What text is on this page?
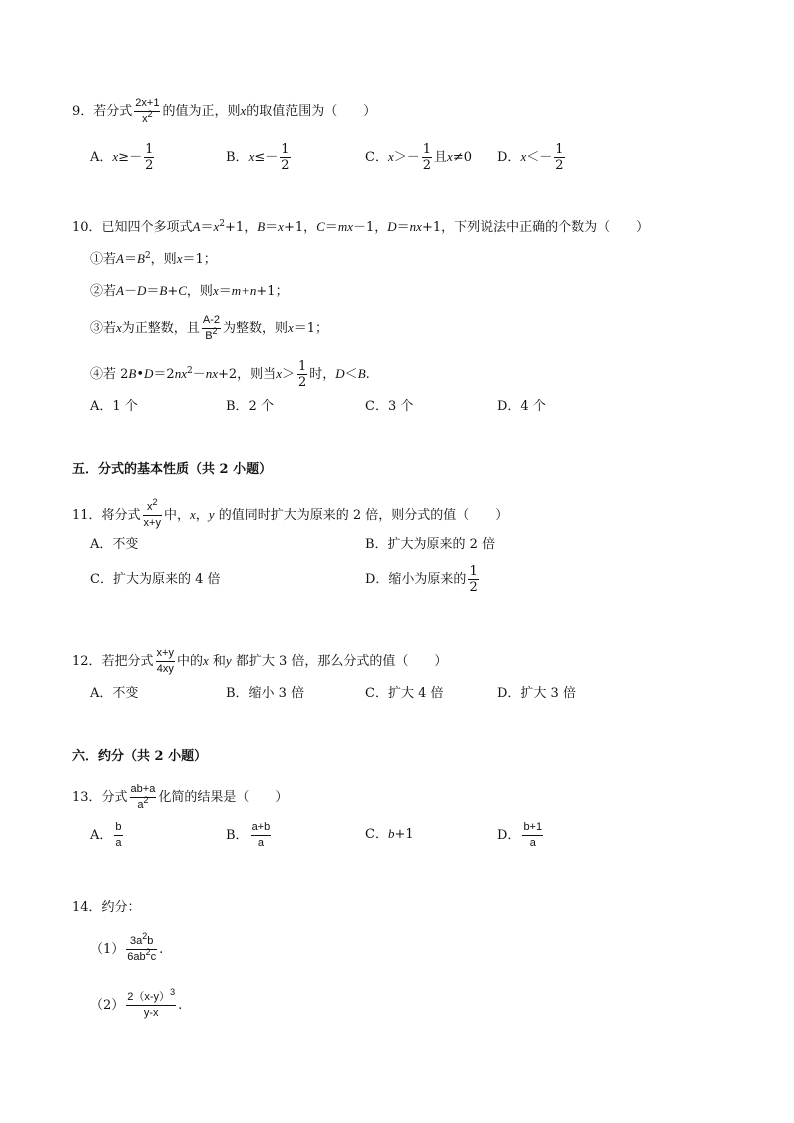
9．若分式 $\frac{2x+1}{x^2}$ 的值为正，则x的取值范围为（　　）
A．$x\ge- \frac{1}{2}$	B．$x\le- \frac{1}{2}$	C．$x>- \frac{1}{2}$ 且x≠0 D．$x<- \frac{1}{2}$
10．已知四个多项式$A=x^2+1$，B＝x+1，C＝mx－1，D＝nx+1，下列说法中正确的个数为（　　）
①若$A=B^2$，则x＝1；
②若A－D＝B+C，则x＝m+n+1；
③若x为正整数，且 $\frac{A-2}{B^2}$ 为整数，则x＝1；
④若 $2B•D=2nx^2-nx+2$，则当$x> \frac{1}{2}$ 时，D＜B.
A．1 个	B．2 个	C．3 个	D．4 个
五．分式的基本性质（共 2 小题）
11．将分式 $\frac{x^2}{x+y}$ 中，x，y 的值同时扩大为原来的 2 倍，则分式的值（　　）
A．不变	B．扩大为原来的 2 倍
C．扩大为原来的 4 倍	D．缩小为原来的 $\frac{1}{2}$
12．若把分式 $\frac{x+y}{4xy}$ 中的x 和y 都扩大 3 倍，那么分式的值（　　）
A．不变	B．缩小 3 倍	C．扩大 4 倍	D．扩大 3 倍
六．约分（共 2 小题）
13．分式 $\frac{ab+a}{a^2}$ 化简的结果是（　　）
A． $\frac{b}{a}$	B． $\frac{a+b}{a}$	C．b+1	D． $\frac{b+1}{a}$
14．约分：
$(1) \frac{3a^2b}{6ab^2c}$ .
$(2) \frac{2(x-y)^3}{y-x}$ .
